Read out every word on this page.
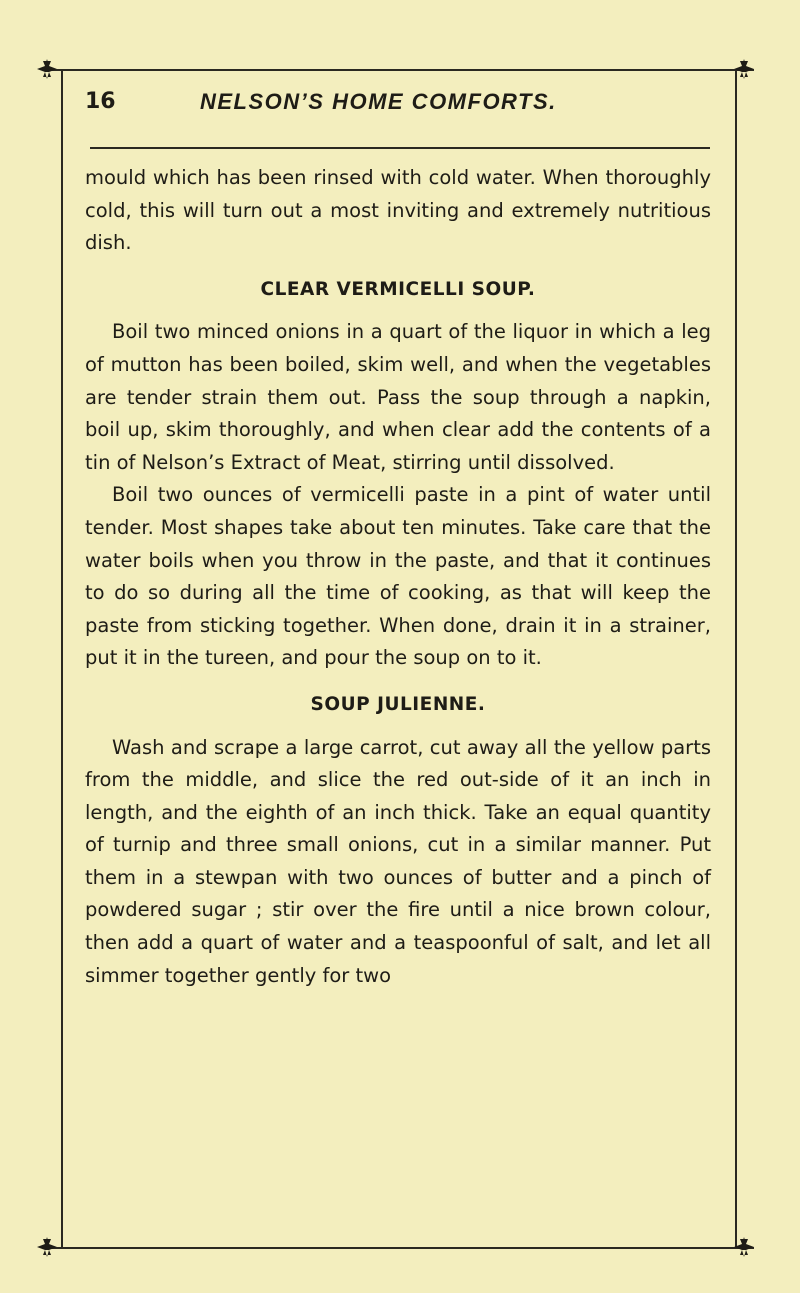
16	NELSON’S HOME COMFORTS.

mould which has been rinsed with cold water. When thoroughly cold, this will turn out a most inviting and extremely nutritious dish.

CLEAR VERMICELLI SOUP.

Boil two minced onions in a quart of the liquor in which a leg of mutton has been boiled, skim well, and when the vegetables are tender strain them out. Pass the soup through a napkin, boil up, skim thoroughly, and when clear add the contents of a tin of Nelson’s Extract of Meat, stirring until dissolved.

Boil two ounces of vermicelli paste in a pint of water until tender. Most shapes take about ten minutes. Take care that the water boils when you throw in the paste, and that it continues to do so during all the time of cooking, as that will keep the paste from sticking together. When done, drain it in a strainer, put it in the tureen, and pour the soup on to it.

SOUP JULIENNE.

Wash and scrape a large carrot, cut away all the yellow parts from the middle, and slice the red out-side of it an inch in length, and the eighth of an inch thick. Take an equal quantity of turnip and three small onions, cut in a similar manner. Put them in a stewpan with two ounces of butter and a pinch of powdered sugar ; stir over the fire until a nice brown colour, then add a quart of water and a teaspoonful of salt, and let all simmer together gently for two
